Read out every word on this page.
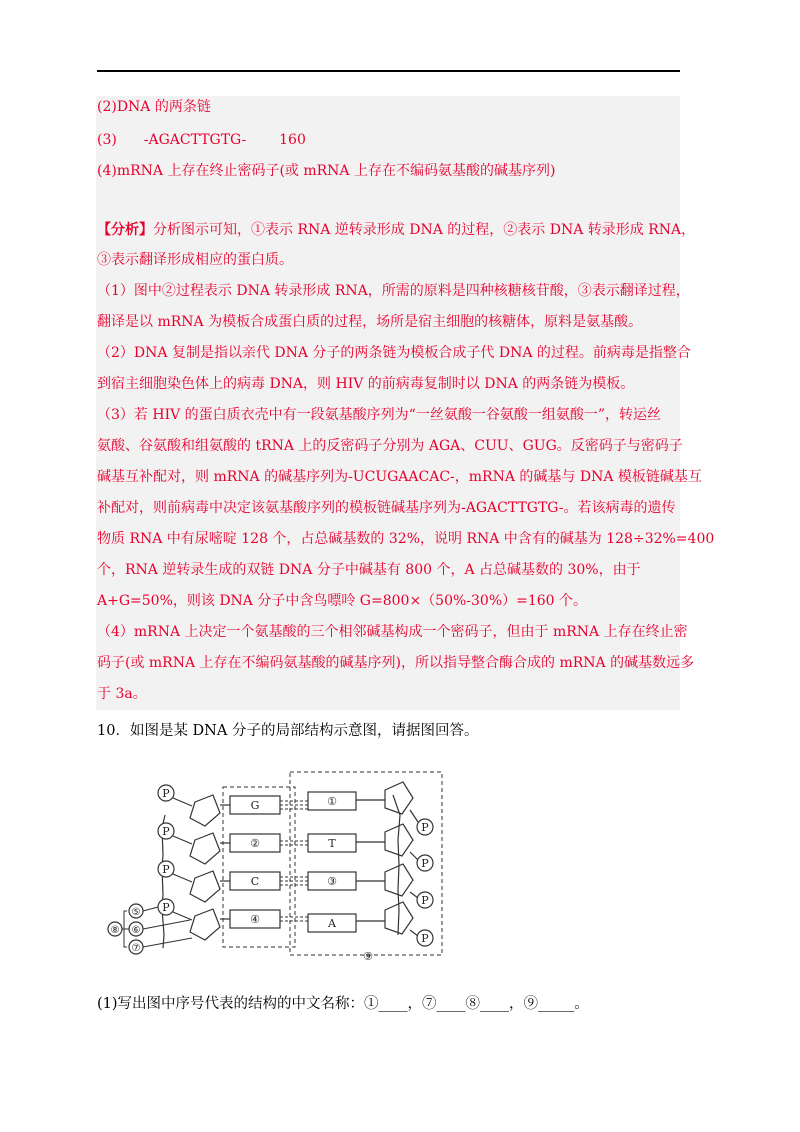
(2)DNA 的两条链
(3) -AGACTTGTG- 160
(4)mRNA 上存在终止密码子(或 mRNA 上存在不编码氨基酸的碱基序列)
【分析】分析图示可知，①表示 RNA 逆转录形成 DNA 的过程，②表示 DNA 转录形成 RNA，
③表示翻译形成相应的蛋白质。
（1）图中②过程表示 DNA 转录形成 RNA，所需的原料是四种核糖核苷酸，③表示翻译过程，
翻译是以 mRNA 为模板合成蛋白质的过程，场所是宿主细胞的核糖体，原料是氨基酸。
（2）DNA 复制是指以亲代 DNA 分子的两条链为模板合成子代 DNA 的过程。前病毒是指整合
到宿主细胞染色体上的病毒 DNA，则 HIV 的前病毒复制时以 DNA 的两条链为模板。
（3）若 HIV 的蛋白质衣壳中有一段氨基酸序列为“一丝氨酸一谷氨酸一组氨酸一”，转运丝
氨酸、谷氨酸和组氨酸的 tRNA 上的反密码子分别为 AGA、CUU、GUG。反密码子与密码子
碱基互补配对，则 mRNA 的碱基序列为-UCUGAACAC-，mRNA 的碱基与 DNA 模板链碱基互
补配对，则前病毒中决定该氨基酸序列的模板链碱基序列为-AGACTTGTG-。若该病毒的遗传
物质 RNA 中有尿嘧啶 128 个，占总碱基数的 32%，说明 RNA 中含有的碱基为 128÷32%=400
个，RNA 逆转录生成的双链 DNA 分子中碱基有 800 个，A 占总碱基数的 30%，由于
A+G=50%，则该 DNA 分子中含鸟嘌呤 G=800×（50%-30%）=160 个。
（4）mRNA 上决定一个氨基酸的三个相邻碱基构成一个密码子，但由于 mRNA 上存在终止密
码子(或 mRNA 上存在不编码氨基酸的碱基序列)，所以指导整合酶合成的 mRNA 的碱基数远多
于 3a。
10．如图是某 DNA 分子的局部结构示意图，请据图回答。
P
P
P
P
P
P
P
P
G
②
C
④
①
T
③
A
⑤
⑥
⑦
⑧
⑨
(1)写出图中序号代表的结构的中文名称：①____，⑦____⑧____，⑨_____。
